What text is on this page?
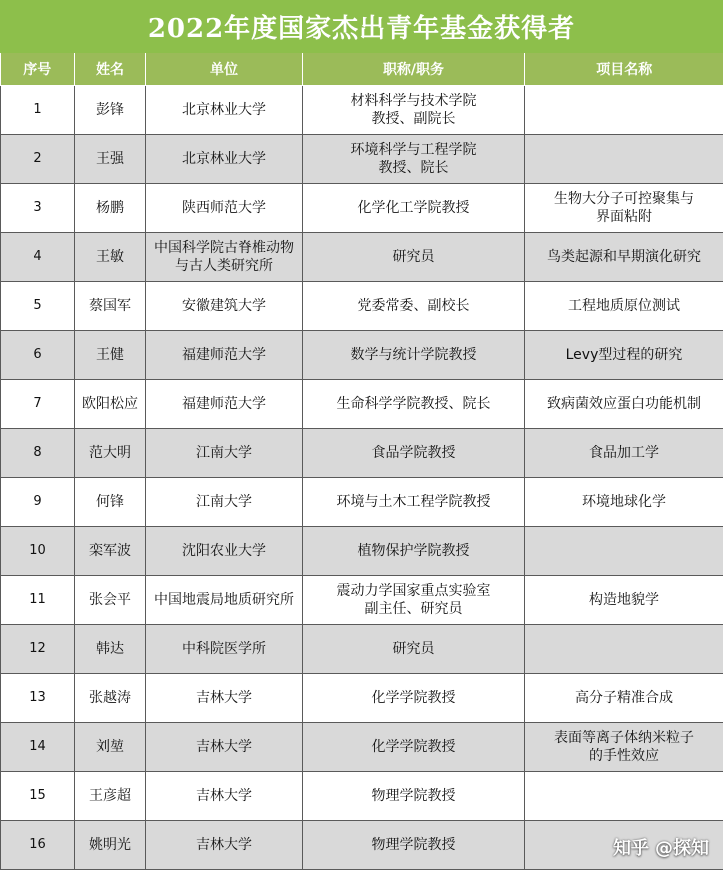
2022年度国家杰出青年基金获得者
序号	姓名	单位	职称/职务	项目名称
1	彭锋	北京林业大学	材料科学与技术学院
教授、副院长	

2	王强	北京林业大学	环境科学与工程学院
教授、院长	

3	杨鹏	陕西师范大学	化学化工学院教授	生物大分子可控聚集与
界面粘附

4	王敏	中国科学院古脊椎动物
与古人类研究所	研究员	鸟类起源和早期演化研究

5	蔡国军	安徽建筑大学	党委常委、副校长	工程地质原位测试

6	王健	福建师范大学	数学与统计学院教授	Levy型过程的研究

7	欧阳松应	福建师范大学	生命科学学院教授、院长	致病菌效应蛋白功能机制

8	范大明	江南大学	食品学院教授	食品加工学

9	何锋	江南大学	环境与土木工程学院教授	环境地球化学

10	栾军波	沈阳农业大学	植物保护学院教授	

11	张会平	中国地震局地质研究所	震动力学国家重点实验室
副主任、研究员	构造地貌学

12	韩达	中科院医学所	研究员	

13	张越涛	吉林大学	化学学院教授	高分子精准合成

14	刘堃	吉林大学	化学学院教授	表面等离子体纳米粒子
的手性效应

15	王彦超	吉林大学	物理学院教授	

16	姚明光	吉林大学	物理学院教授	
		知乎 @探知
